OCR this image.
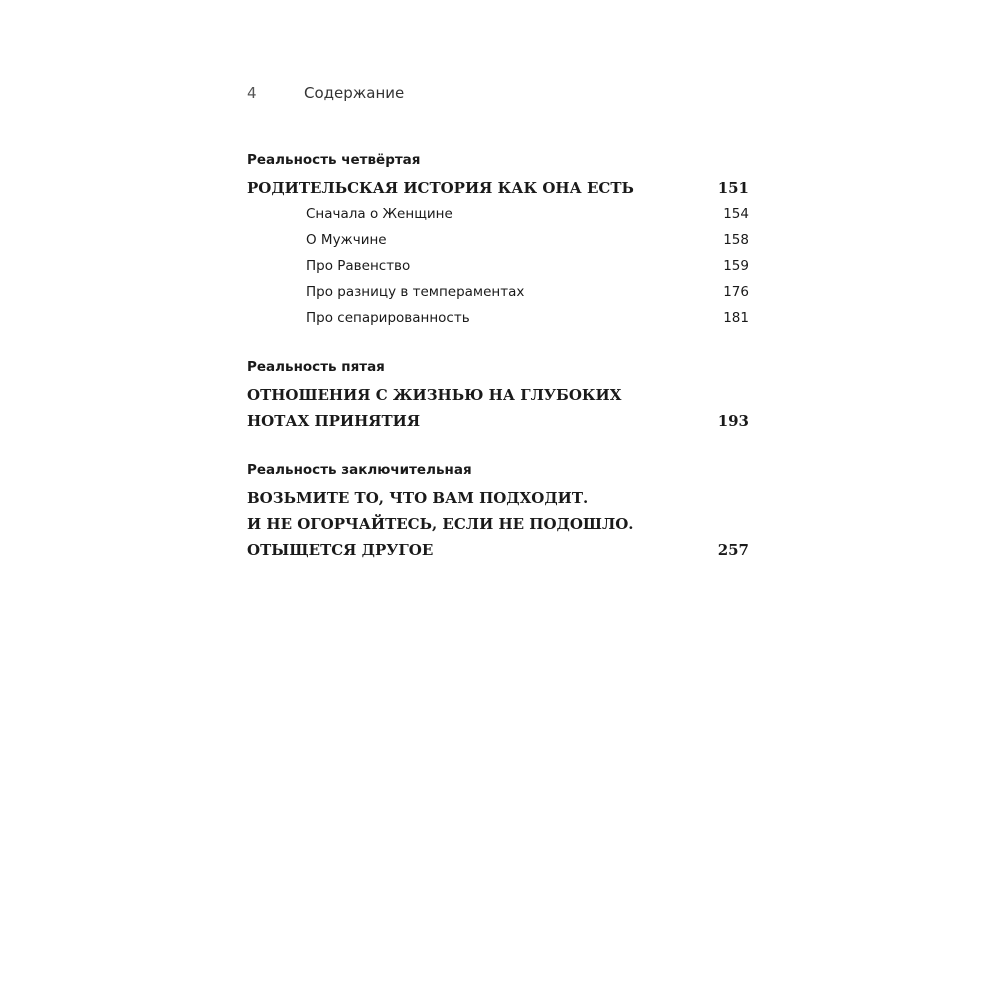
4	Содержание
Реальность четвёртая
РОДИТЕЛЬСКАЯ ИСТОРИЯ КАК ОНА ЕСТЬ .....	151
Сначала о Женщине .....	154
О Мужчине .....	158
Про Равенство .....	159
Про разницу в темпераментах .....	176
Про сепарированность .....	181
Реальность пятая
ОТНОШЕНИЯ С ЖИЗНЬЮ НА ГЛУБОКИХ
НОТАХ ПРИНЯТИЯ .....	193
Реальность заключительная
ВОЗЬМИТЕ ТО, ЧТО ВАМ ПОДХОДИТ.
И НЕ ОГОРЧАЙТЕСЬ, ЕСЛИ НЕ ПОДОШЛО.
ОТЫЩЕТСЯ ДРУГОЕ .....	257
